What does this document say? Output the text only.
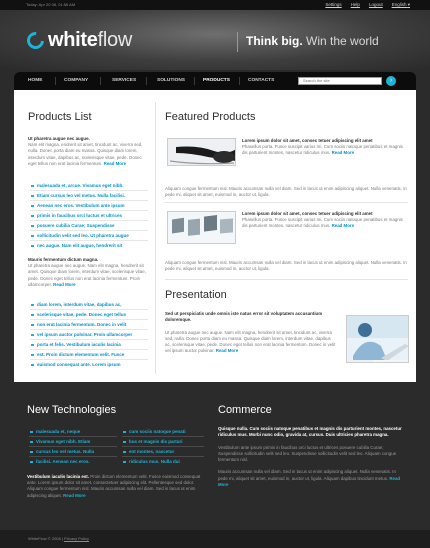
Today: Apr 20 08, 01:56 AM	Settings Help Logout English ▾
whiteflow	Think big. Win the world
HOME	COMPANY	SERVICES	SOLUTIONS	PRODUCTS	CONTACTS	Search the site	›
Products List
Ut pharetra augue nec augue.
Nam elit magna, endrerit sit amet, tincidunt ac, viverra sed, nulla. Donec porta diam eu massa. Quisque diam lorem, interdum vitae, dapibus ac, scelerisque vitae, pede. Donec eget tellus non erat lacinia fermentum. Read More
malesuada et, arcue. Vivamus eget nibh.
Etiam cursus leo vel metus. Nulla facilisi.
Aenean nec eros. Vestibulum ante ipsum
primis in faucibus orci luctus et ultrices
posuere cubilia Curae; Suspendisse
sollicitudin velit sed leo. Ut pharetra augue
nec augue. Nam elit augue, hendrerit sit
Mauris fermentum dictum magna.
Ut pharetra augue nec augue. Nam elit magna, hendrerit sit amet. Quisque diam lorem, interdum vitae, scelerisque vitae, pede. Donec eget tellus non erat lacinia fermentum. Proin ullamcorper. Read More
diam lorem, interdum vitae, dapibus ac,
scelerisque vitae, pede. Donec eget tellus
non erat lacinia fermentum. Donec in velit
vel ipsum auctor pulvinar. Proin ullamcorper
porta et felis. Vestibulum iaculis lacinia
est. Proin dictum elementum velit. Fusce
euismod consequat ante. Lorem ipsum
Featured Products
Lorem ipsum dolor sit amet, consec tetuer adipiscing elit amet
Phasellus porta. Fusce suscipit varius mi. Cum sociis natoque penatibus et magnis dis parturient montes, nascetur ridiculus mus. Read More
Aliquam congue fermentum nisl. Mauris accumsan nulla vel diam. Sed in lacus ut enim adipiscing aliquet. Nulla venenatis. In pede mi, aliquet sit amet, euismod in, auctor ut, ligula.
Lorem ipsum dolor sit amet, consec tetuer adipiscing elit amet
Phasellus porta. Fusce suscipit varius mi. Cum sociis natoque penatibus et magnis dis parturient montes, nascetur ridiculus mus. Read More
Aliquam congue fermentum nisl. Mauris accumsan nulla vel diam. Sed in lacus ut enim adipiscing aliquet. Nulla venenatis. In pede mi, aliquet sit amet, euismod in, auctor ut, ligula.
Presentation
Sed ut perspiciatis unde omnis iste natus error sit voluptatem accusantium doloremque.

Ut pharetra augue nec augue. Nam elit magna, hendrerit sit amet, tincidunt ac, viverra sed, nulla. Donec porta diam eu massa. Quisque diam lorem, interdum vitae, dapibus ac, scelerisque vitae, pede. Donec eget tellus non erat lacinia fermentum. Donec in velit vel ipsum auctor pulvinar. Read More
New Technologies
malesuada et, neque
Vivamus eget nibh. Etiam
cursus leo vel metus. Nulla
facilisi. Aenean nec eros.
cum sociis natoque penati
bus et magnis dis parturi
ent montes, nascetur
ridiculus mus. Nulla dui
Vestibulum iaculis lacinia est. Proin dictum elementum velit. Fusce euismod consequat ante. Lorem ipsum dolor sit amet, consectetuer adipiscing elit. Pellentesque sed dolor. Aliquam congue fermentum nisl. Mauris accumsan nulla vel diam. Sed in lacus ut enim adipiscing aliquet. Read More
Commerce
Quisque nulla. Cum sociis natoque penatibus et magnis dis parturient montes, nascetur ridiculus mus. Morbi nunc odio, gravida at, cursus. Duis ultricies pharetra magna.

Vestibulum ante ipsum primis in faucibus orci luctus et ultrices posuere cubilia Curae; Suspendisse sollicitudin velit sed leo. Suspendisse sollicitudin velit sed leo. Aliquam congue fermentum nisl.

Mauris accumsan nulla vel diam. Sed in lacus ut enim adipiscing aliquet. Nulla venenatis. In pede mi, aliquet sit amet, euismod in, auctor ut, ligula. Aliquam dapibus tincidunt metus. Read More
WhiteFlow © 2008 | Privacy Policy
